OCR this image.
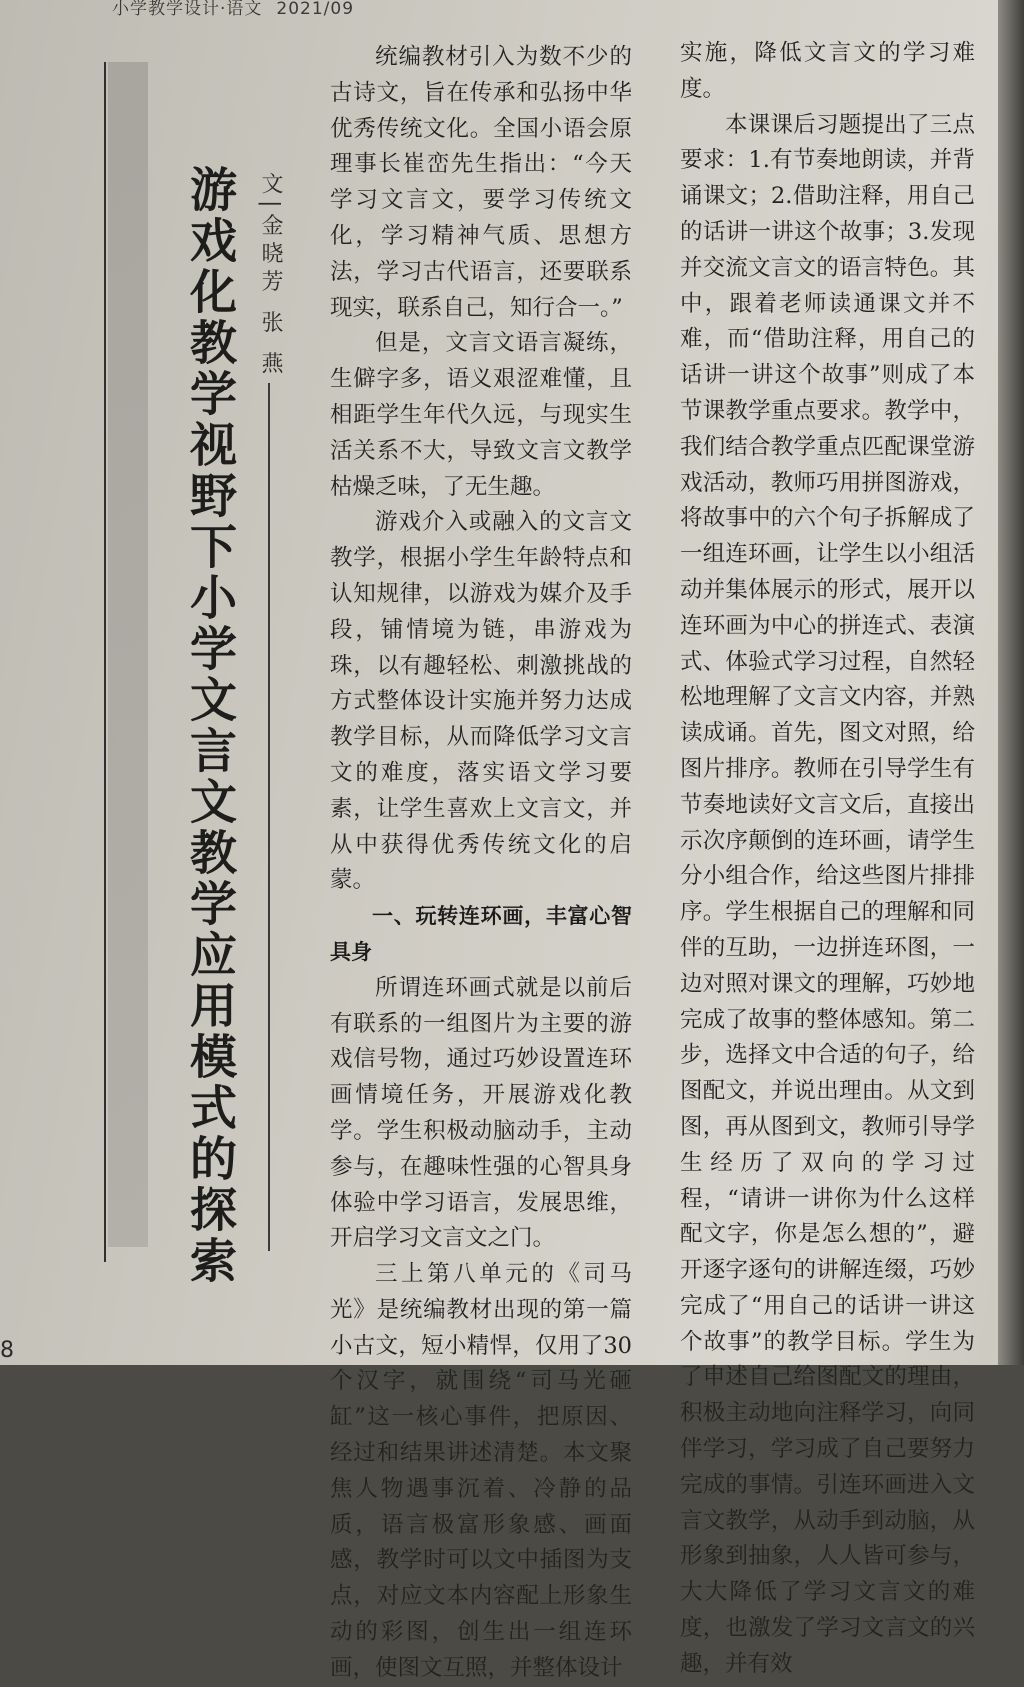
小学教学设计·语文 2021/09
游戏化教学视野下小学文言文教学应用模式的探索 文|金晓芳 张 燕

统编教材引入为数不少的古诗文，旨在传承和弘扬中华优秀传统文化。全国小语会原理事长崔峦先生指出：“今天学习文言文，要学习传统文化，学习精神气质、思想方法，学习古代语言，还要联系现实，联系自己，知行合一。”

但是，文言文语言凝练，生僻字多，语义艰涩难懂，且相距学生年代久远，与现实生活关系不大，导致文言文教学枯燥乏味，了无生趣。

游戏介入或融入的文言文教学，根据小学生年龄特点和认知规律，以游戏为媒介及手段，铺情境为链，串游戏为珠，以有趣轻松、刺激挑战的方式整体设计实施并努力达成教学目标，从而降低学习文言文的难度，落实语文学习要素，让学生喜欢上文言文，并从中获得优秀传统文化的启蒙。

一、玩转连环画，丰富心智具身

所谓连环画式就是以前后有联系的一组图片为主要的游戏信号物，通过巧妙设置连环画情境任务，开展游戏化教学。学生积极动脑动手，主动参与，在趣味性强的心智具身体验中学习语言，发展思维，开启学习文言文之门。

三上第八单元的《司马光》是统编教材出现的第一篇小古文，短小精悍，仅用了30个汉字，就围绕“司马光砸缸”这一核心事件，把原因、经过和结果讲述清楚。本文聚焦人物遇事沉着、冷静的品质，语言极富形象感、画面感，教学时可以文中插图为支点，对应文本内容配上形象生动的彩图，创生出一组连环画，使图文互照，并整体设计

实施，降低文言文的学习难度。

本课课后习题提出了三点要求：1.有节奏地朗读，并背诵课文；2.借助注释，用自己的话讲一讲这个故事；3.发现并交流文言文的语言特色。其中，跟着老师读通课文并不难，而“借助注释，用自己的话讲一讲这个故事”则成了本节课教学重点要求。教学中，我们结合教学重点匹配课堂游戏活动，教师巧用拼图游戏，将故事中的六个句子拆解成了一组连环画，让学生以小组活动并集体展示的形式，展开以连环画为中心的拼连式、表演式、体验式学习过程，自然轻松地理解了文言文内容，并熟读成诵。首先，图文对照，给图片排序。教师在引导学生有节奏地读好文言文后，直接出示次序颠倒的连环画，请学生分小组合作，给这些图片排排序。学生根据自己的理解和同伴的互助，一边拼连环图，一边对照对课文的理解，巧妙地完成了故事的整体感知。第二步，选择文中合适的句子，给图配文，并说出理由。从文到图，再从图到文，教师引导学生经历了双向的学习过程，“请讲一讲你为什么这样配文字，你是怎么想的”，避开逐字逐句的讲解连缀，巧妙完成了“用自己的话讲一讲这个故事”的教学目标。学生为了申述自己给图配文的理由，积极主动地向注释学习，向同伴学习，学习成了自己要努力完成的事情。引连环画进入文言文教学，从动手到动脑，从形象到抽象，人人皆可参与，大大降低了学习文言文的难度，也激发了学习文言文的兴趣，并有效

8
